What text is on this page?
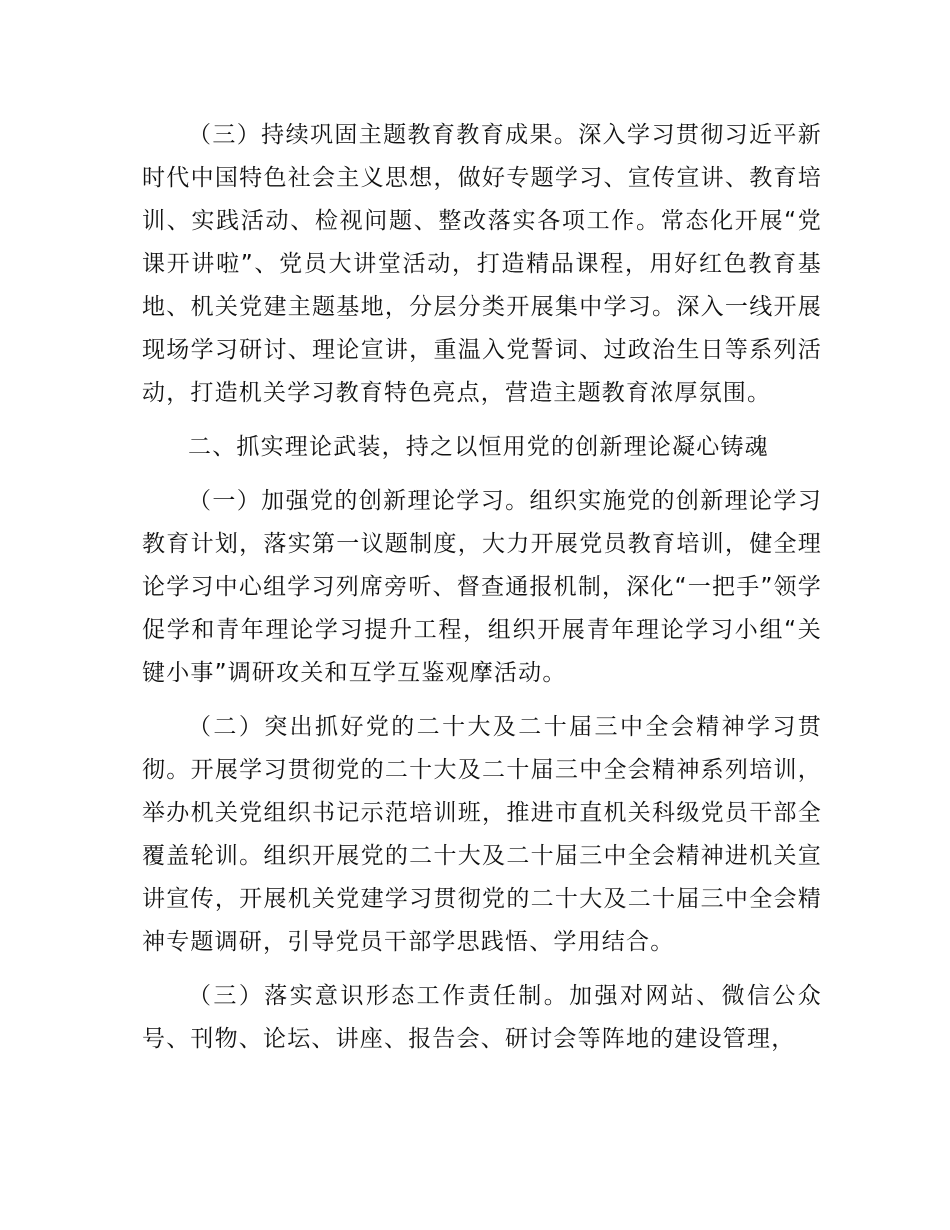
（三）持续巩固主题教育教育成果。深入学习贯彻习近平新时代中国特色社会主义思想，做好专题学习、宣传宣讲、教育培训、实践活动、检视问题、整改落实各项工作。常态化开展“党课开讲啦”、党员大讲堂活动，打造精品课程，用好红色教育基地、机关党建主题基地，分层分类开展集中学习。深入一线开展现场学习研讨、理论宣讲，重温入党誓词、过政治生日等系列活动，打造机关学习教育特色亮点，营造主题教育浓厚氛围。

二、抓实理论武装，持之以恒用党的创新理论凝心铸魂

（一）加强党的创新理论学习。组织实施党的创新理论学习教育计划，落实第一议题制度，大力开展党员教育培训，健全理论学习中心组学习列席旁听、督查通报机制，深化“一把手”领学促学和青年理论学习提升工程，组织开展青年理论学习小组“关键小事”调研攻关和互学互鉴观摩活动。

（二）突出抓好党的二十大及二十届三中全会精神学习贯彻。开展学习贯彻党的二十大及二十届三中全会精神系列培训，举办机关党组织书记示范培训班，推进市直机关科级党员干部全覆盖轮训。组织开展党的二十大及二十届三中全会精神进机关宣讲宣传，开展机关党建学习贯彻党的二十大及二十届三中全会精神专题调研，引导党员干部学思践悟、学用结合。

（三）落实意识形态工作责任制。加强对网站、微信公众号、刊物、论坛、讲座、报告会、研讨会等阵地的建设管理，
